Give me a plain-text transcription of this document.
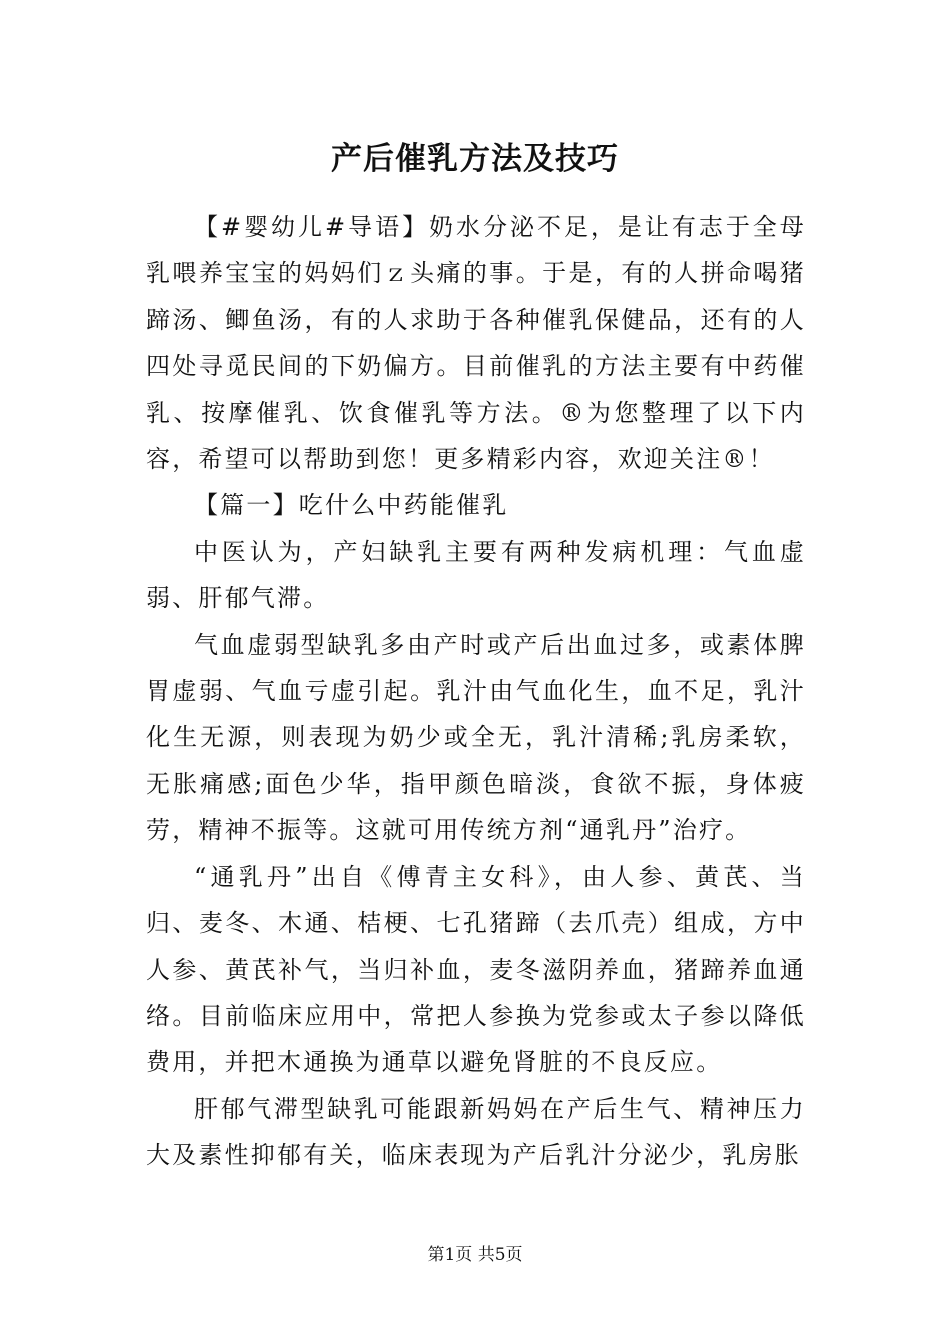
产后催乳方法及技巧

【#婴幼儿#导语】奶水分泌不足，是让有志于全母乳喂养宝宝的妈妈们ｚ头痛的事。于是，有的人拼命喝猪蹄汤、鲫鱼汤，有的人求助于各种催乳保健品，还有的人四处寻觅民间的下奶偏方。目前催乳的方法主要有中药催乳、按摩催乳、饮食催乳等方法。®为您整理了以下内容，希望可以帮助到您！更多精彩内容，欢迎关注®！

【篇一】吃什么中药能催乳

中医认为，产妇缺乳主要有两种发病机理：气血虚弱、肝郁气滞。

气血虚弱型缺乳多由产时或产后出血过多，或素体脾胃虚弱、气血亏虚引起。乳汁由气血化生，血不足，乳汁化生无源，则表现为奶少或全无，乳汁清稀;乳房柔软，无胀痛感;面色少华，指甲颜色暗淡，食欲不振，身体疲劳，精神不振等。这就可用传统方剂“通乳丹”治疗。

“通乳丹”出自《傅青主女科》，由人参、黄芪、当归、麦冬、木通、桔梗、七孔猪蹄（去爪壳）组成，方中人参、黄芪补气，当归补血，麦冬滋阴养血，猪蹄养血通络。目前临床应用中，常把人参换为党参或太子参以降低费用，并把木通换为通草以避免肾脏的不良反应。

肝郁气滞型缺乳可能跟新妈妈在产后生气、精神压力大及素性抑郁有关，临床表现为产后乳汁分泌少，乳房胀

第1页 共5页
